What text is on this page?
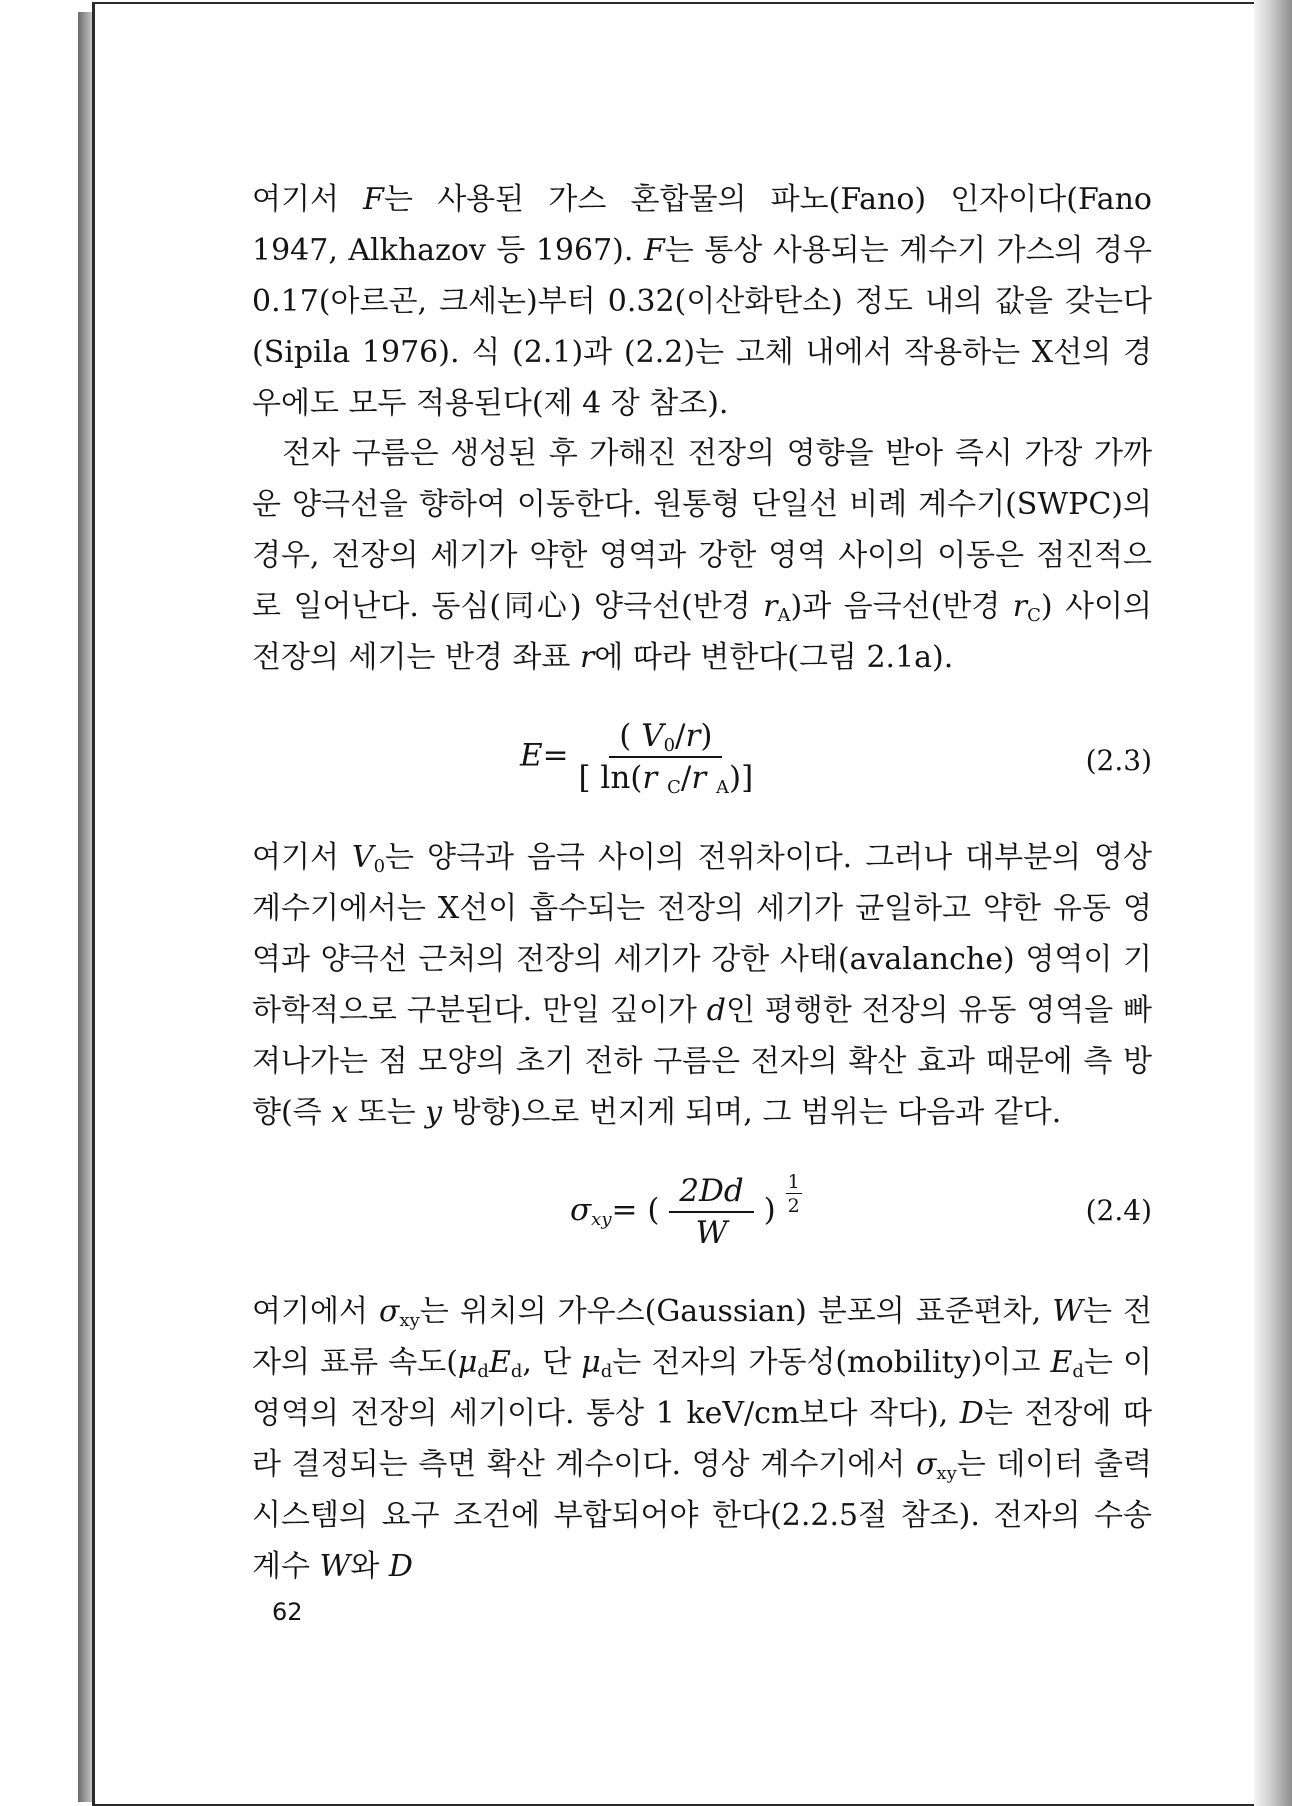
여기서 F는 사용된 가스 혼합물의 파노(Fano) 인자이다(Fano 1947, Alkhazov 등 1967). F는 통상 사용되는 계수기 가스의 경우 0.17(아르곤, 크세논)부터 0.32(이산화탄소) 정도 내의 값을 갖는다(Sipila 1976). 식 (2.1)과 (2.2)는 고체 내에서 작용하는 X선의 경우에도 모두 적용된다(제 4 장 참조).

전자 구름은 생성된 후 가해진 전장의 영향을 받아 즉시 가장 가까운 양극선을 향하여 이동한다. 원통형 단일선 비례 계수기(SWPC)의 경우, 전장의 세기가 약한 영역과 강한 영역 사이의 이동은 점진적으로 일어난다. 동심(同心) 양극선(반경 $r_A$)과 음극선(반경 $r_C$) 사이의 전장의 세기는 반경 좌표 r에 따라 변한다(그림 2.1a).

$E= \frac{( V_0/r)}{[ \ln(r _C/r _A)]}$	(2.3)

여기서 $V_0$는 양극과 음극 사이의 전위차이다. 그러나 대부분의 영상 계수기에서는 X선이 흡수되는 전장의 세기가 균일하고 약한 유동 영역과 양극선 근처의 전장의 세기가 강한 사태(avalanche) 영역이 기하학적으로 구분된다. 만일 깊이가 d인 평행한 전장의 유동 영역을 빠져나가는 점 모양의 초기 전하 구름은 전자의 확산 효과 때문에 측 방향(즉 x 또는 y 방향)으로 번지게 되며, 그 범위는 다음과 같다.

$\sigma_{xy}=$ ( $\frac{2Dd}{W}$ ) $\frac{1}{2}$	(2.4)

여기에서 $\sigma_{xy}$는 위치의 가우스(Gaussian) 분포의 표준편차, W는 전자의 표류 속도($\mu_dE_d$, 단 $\mu_d$는 전자의 가동성(mobility)이고 $E_d$는 이 영역의 전장의 세기이다. 통상 1 keV/cm보다 작다), D는 전장에 따라 결정되는 측면 확산 계수이다. 영상 계수기에서 $\sigma_{xy}$는 데이터 출력 시스템의 요구 조건에 부합되어야 한다(2.2.5절 참조). 전자의 수송 계수 W와 D

62
